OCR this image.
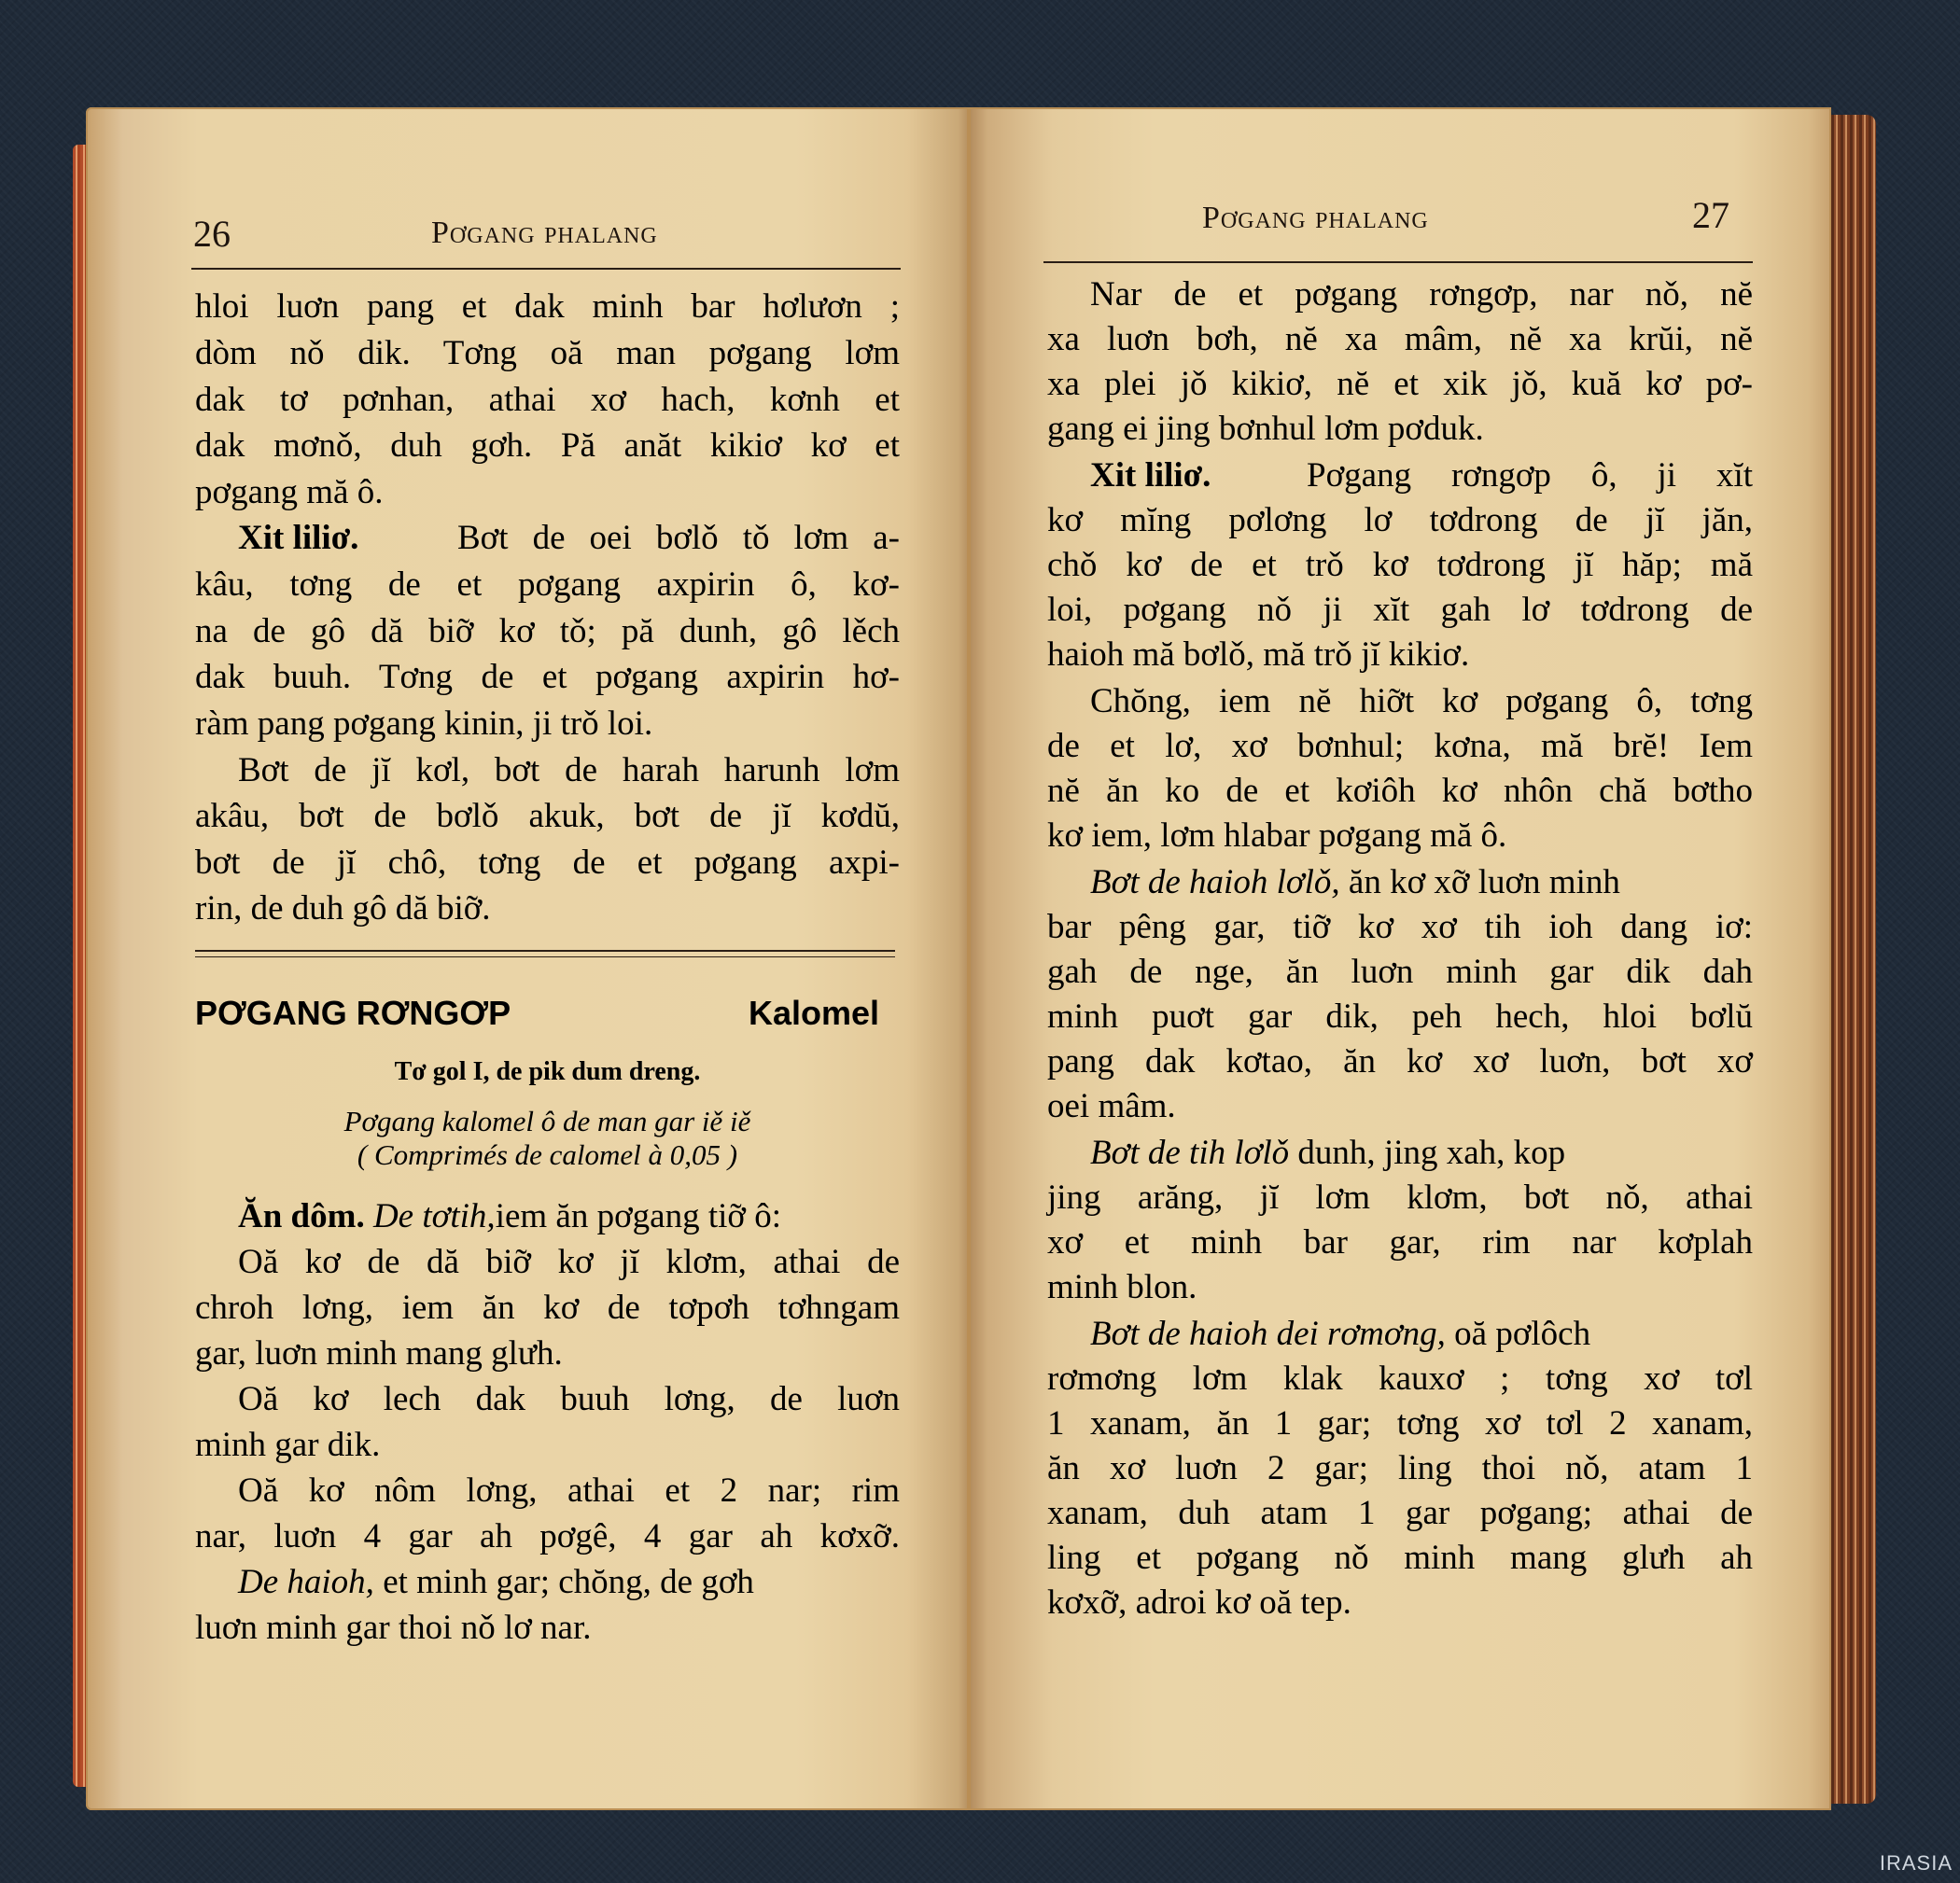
26	Pơgang phalang
hloi luơn pang et dak minh bar hơlươn ;
dòm nǒ dik. Tơng oă man pơgang lơm
dak tơ pơnhan, athai xơ hach, kơnh et
dak mơnǒ, duh gơh. Pă anăt kikiơ kơ et
pơgang mă ô.
Xit liliơ.	Bơt de oei bơlǒ tǒ lơm a-
kâu, tơng de et pơgang axpirin ô, kơ-
na de gô dă biỡ kơ tǒ; pă dunh, gô lěch
dak buuh. Tơng de et pơgang axpirin hơ-
ràm pang pơgang kinin, ji trǒ loi.
Bơt de jĭ kơl, bơt de harah harunh lơm
akâu, bơt de bơlǒ akuk, bơt de jĭ kơdŭ,
bơt de jĭ chô, tơng de et pơgang axpi-
rin, de duh gô dă biỡ.
PƠGANG RƠNGƠP	Kalomel
Tơ gol I, de pik dum dreng.
Pơgang kalomel ô de man gar iě iě
( Comprimés de calomel à 0,05 )
Ăn dôm. De tơtih,iem ăn pơgang tiỡ ô:
Oă kơ de dă biỡ kơ jĭ klơm, athai de
chroh lơng, iem ăn kơ de tơpơh tơhngam
gar, luơn minh mang glưh.
Oă kơ lech dak buuh lơng, de luơn
minh gar dik.
Oă kơ nôm lơng, athai et 2 nar; rim
nar, luơn 4 gar ah pơgê, 4 gar ah kơxỡ.
De haioh, et minh gar; chŏng, de gơh
luơn minh gar thoi nǒ lơ nar.
Pơgang phalang	27
Nar de et pơgang rơngơp, nar nǒ, nĕ
xa luơn bơh, nĕ xa mâm, nĕ xa krŭi, nĕ
xa plei jǒ kikiơ, nĕ et xik jǒ, kuă kơ pơ-
gang ei jing bơnhul lơm pơduk.
Xit liliơ.	Pơgang rơngơp ô, ji xĭt
kơ mĭng pơlơng lơ tơdrong de jĭ jăn,
chǒ kơ de et trǒ kơ tơdrong jĭ hăp; mă
loi, pơgang nǒ ji xĭt gah lơ tơdrong de
haioh mă bơlǒ, mă trǒ jĭ kikiơ.
Chŏng, iem nĕ hiỡt kơ pơgang ô, tơng
de et lơ, xơ bơnhul; kơna, mă brĕ! Iem
nĕ ăn ko de et kơiôh kơ nhôn chă bơtho
kơ iem, lơm hlabar pơgang mă ô.
Bơt de haioh lơlǒ, ăn kơ xỡ luơn minh
bar pêng gar, tiỡ kơ xơ tih ioh dang iơ:
gah de nge, ăn luơn minh gar dik dah
minh puơt gar dik, peh hech, hloi bơlŭ
pang dak kơtao, ăn kơ xơ luơn, bơt xơ
oei mâm.
Bơt de tih lơlǒ dunh, jing xah, kop
jing arăng, jĭ lơm klơm, bơt nǒ, athai
xơ et minh bar gar, rim nar kơplah
minh blon.
Bơt de haioh dei rơmơng, oă pơlôch
rơmơng lơm klak kauxơ ; tơng xơ tơl
1 xanam, ăn 1 gar; tơng xơ tơl 2 xanam,
ăn xơ luơn 2 gar; ling thoi nǒ, atam 1
xanam, duh atam 1 gar pơgang; athai de
ling et pơgang nǒ minh mang glưh ah
kơxỡ, adroi kơ oă tep.
IRASIA
